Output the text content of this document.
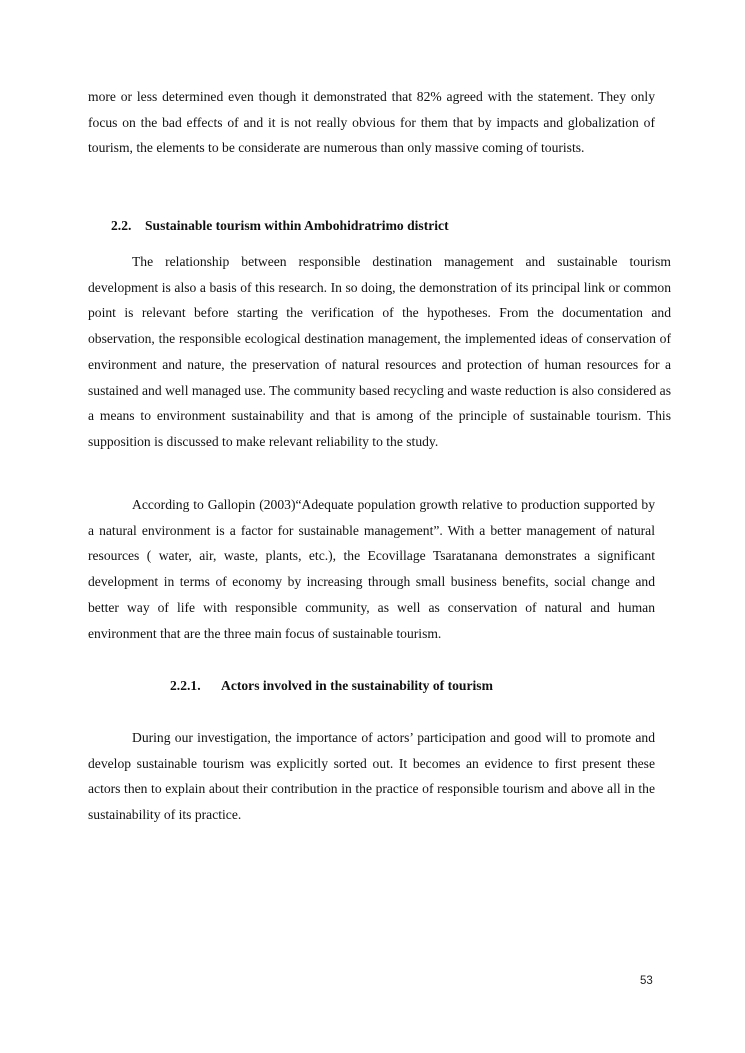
more or less determined even though it demonstrated that 82% agreed with the statement. They only focus on the bad effects of and it is not really obvious for them that by impacts and globalization of tourism, the elements to be considerate are numerous than only massive coming of tourists.

2.2. Sustainable tourism within Ambohidratrimo district

The relationship between responsible destination management and sustainable tourism development is also a basis of this research. In so doing, the demonstration of its principal link or common point is relevant before starting the verification of the hypotheses. From the documentation and observation, the responsible ecological destination management, the implemented ideas of conservation of environment and nature, the preservation of natural resources and protection of human resources for a sustained and well managed use. The community based recycling and waste reduction is also considered as a means to environment sustainability and that is among of the principle of sustainable tourism. This supposition is discussed to make relevant reliability to the study.

According to Gallopin (2003)“Adequate population growth relative to production supported by a natural environment is a factor for sustainable management”. With a better management of natural resources ( water, air, waste, plants, etc.), the Ecovillage Tsaratanana demonstrates a significant development in terms of economy by increasing through small business benefits, social change and better way of life with responsible community, as well as conservation of natural and human environment that are the three main focus of sustainable tourism.

2.2.1. Actors involved in the sustainability of tourism

During our investigation, the importance of actors’ participation and good will to promote and develop sustainable tourism was explicitly sorted out. It becomes an evidence to first present these actors then to explain about their contribution in the practice of responsible tourism and above all in the sustainability of its practice.

53
